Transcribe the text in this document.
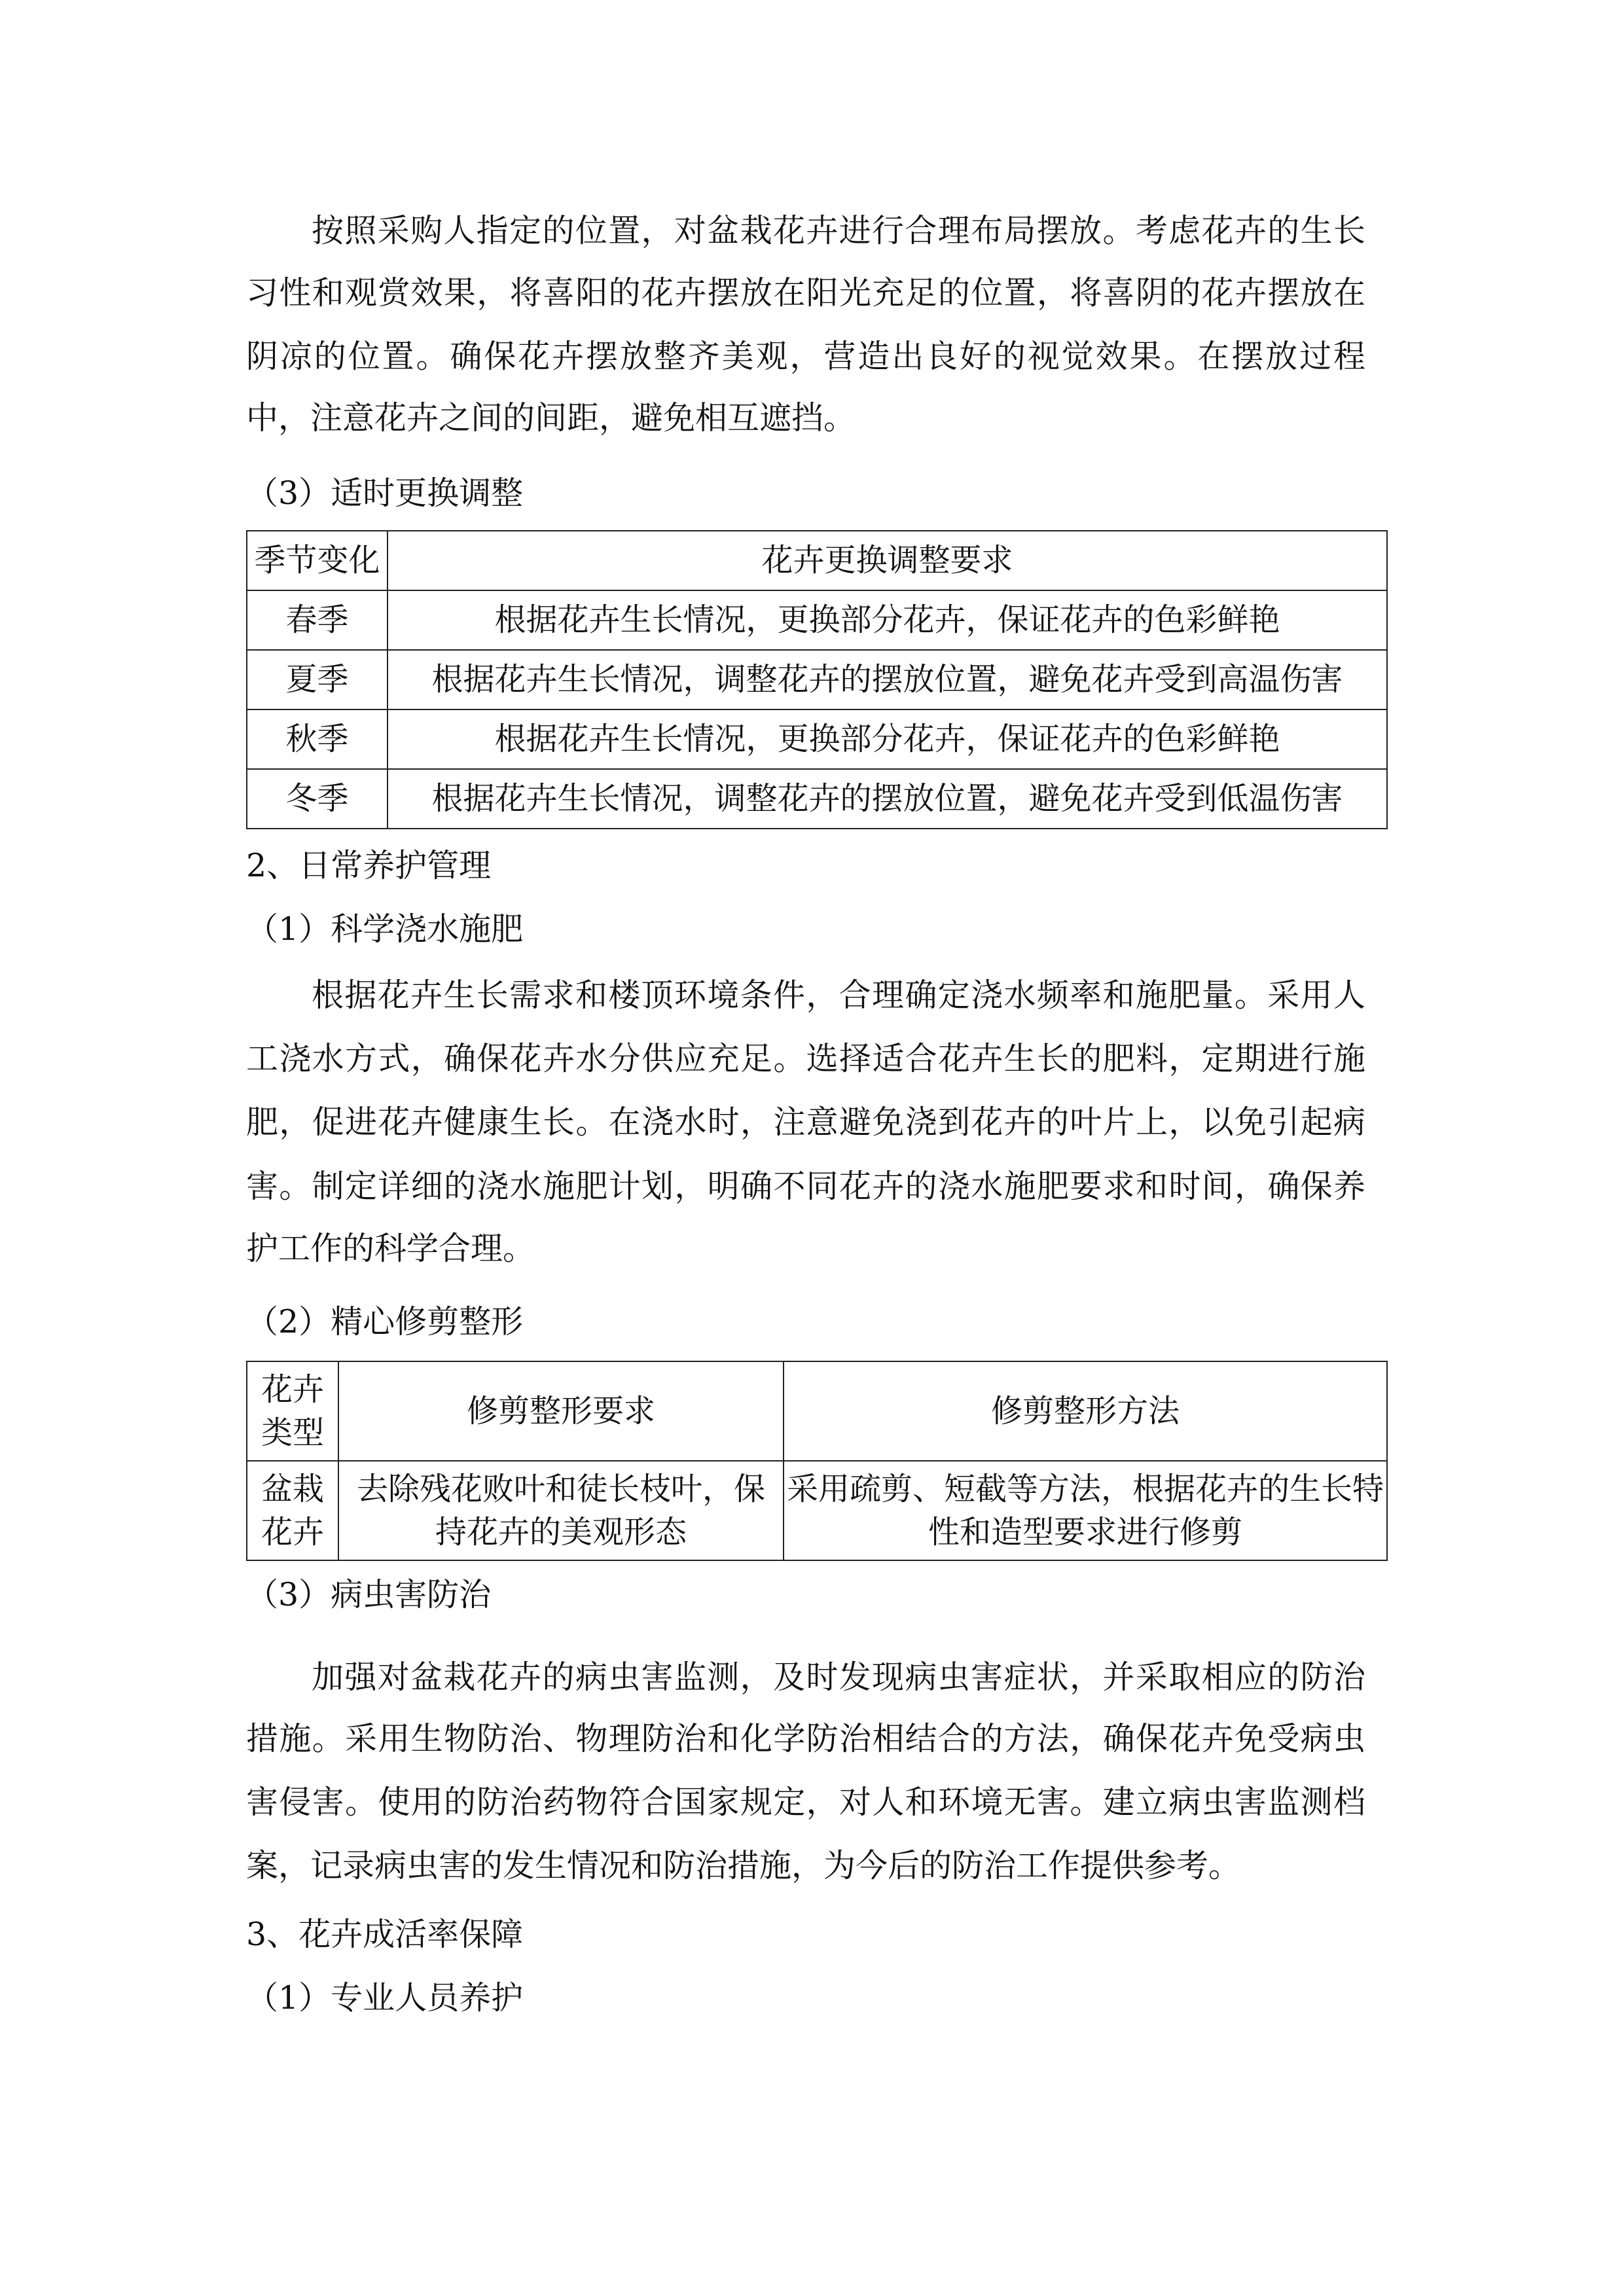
按照采购人指定的位置，对盆栽花卉进行合理布局摆放。考虑花卉的生长
习性和观赏效果，将喜阳的花卉摆放在阳光充足的位置，将喜阴的花卉摆放在
阴凉的位置。确保花卉摆放整齐美观，营造出良好的视觉效果。在摆放过程
中，注意花卉之间的间距，避免相互遮挡。
（3）适时更换调整
季节变化	花卉更换调整要求
春季	根据花卉生长情况，更换部分花卉，保证花卉的色彩鲜艳
夏季	根据花卉生长情况，调整花卉的摆放位置，避免花卉受到高温伤害
秋季	根据花卉生长情况，更换部分花卉，保证花卉的色彩鲜艳
冬季	根据花卉生长情况，调整花卉的摆放位置，避免花卉受到低温伤害
2、日常养护管理
（1）科学浇水施肥
根据花卉生长需求和楼顶环境条件，合理确定浇水频率和施肥量。采用人
工浇水方式，确保花卉水分供应充足。选择适合花卉生长的肥料，定期进行施
肥，促进花卉健康生长。在浇水时，注意避免浇到花卉的叶片上，以免引起病
害。制定详细的浇水施肥计划，明确不同花卉的浇水施肥要求和时间，确保养
护工作的科学合理。
（2）精心修剪整形
花卉类型	修剪整形要求	修剪整形方法
盆栽花卉	去除残花败叶和徒长枝叶，保持花卉的美观形态	采用疏剪、短截等方法，根据花卉的生长特性和造型要求进行修剪
（3）病虫害防治
加强对盆栽花卉的病虫害监测，及时发现病虫害症状，并采取相应的防治
措施。采用生物防治、物理防治和化学防治相结合的方法，确保花卉免受病虫
害侵害。使用的防治药物符合国家规定，对人和环境无害。建立病虫害监测档
案，记录病虫害的发生情况和防治措施，为今后的防治工作提供参考。
3、花卉成活率保障
（1）专业人员养护
